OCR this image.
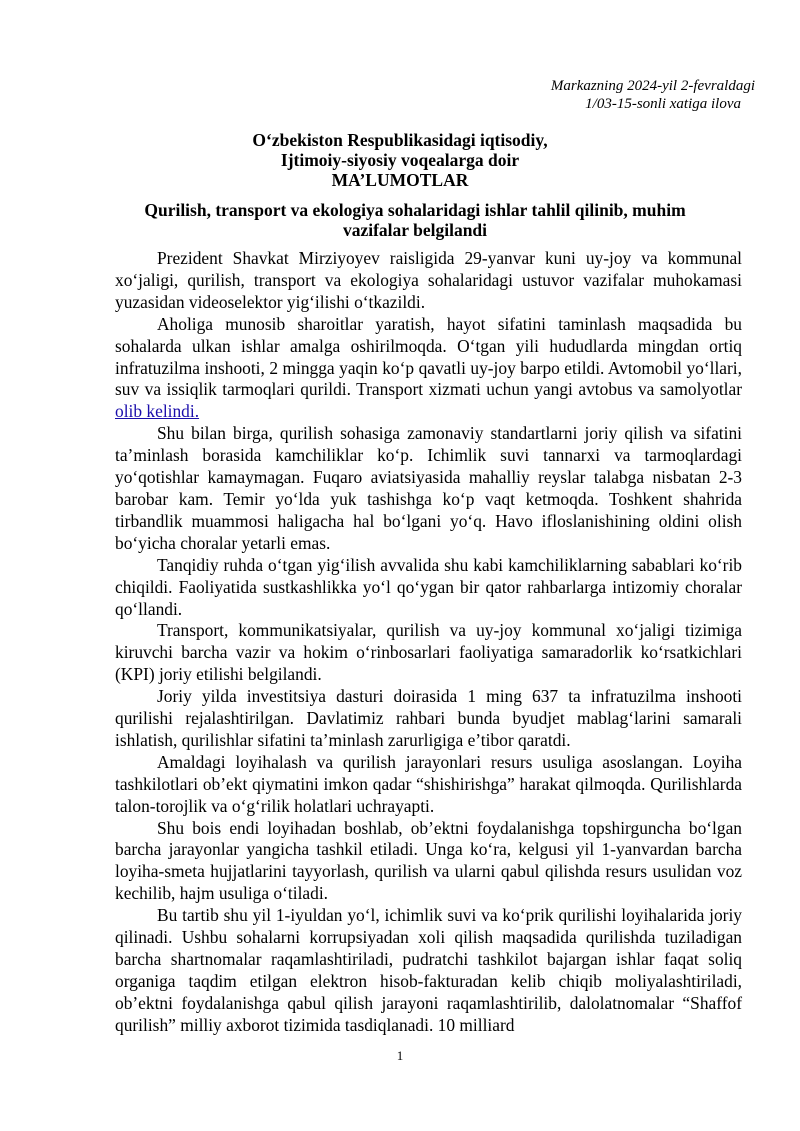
Markazning 2024-yil 2-fevraldagi
1/03-15-sonli xatiga ilova
O‘zbekiston Respublikasidagi iqtisodiy,
Ijtimoiy-siyosiy voqealarga doir
MA’LUMOTLAR
Qurilish, transport va ekologiya sohalaridagi ishlar tahlil qilinib, muhim
vazifalar belgilandi

Prezident Shavkat Mirziyoyev raisligida 29-yanvar kuni uy-joy va kommunal xo‘jaligi, qurilish, transport va ekologiya sohalaridagi ustuvor vazifalar muhokamasi yuzasidan videoselektor yig‘ilishi o‘tkazildi.

Aholiga munosib sharoitlar yaratish, hayot sifatini taminlash maqsadida bu sohalarda ulkan ishlar amalga oshirilmoqda. O‘tgan yili hududlarda mingdan ortiq infratuzilma inshooti, 2 mingga yaqin ko‘p qavatli uy-joy barpo etildi. Avtomobil yo‘llari, suv va issiqlik tarmoqlari qurildi. Transport xizmati uchun yangi avtobus va samolyotlar olib kelindi.

Shu bilan birga, qurilish sohasiga zamonaviy standartlarni joriy qilish va sifatini ta’minlash borasida kamchiliklar ko‘p. Ichimlik suvi tannarxi va tarmoqlardagi yo‘qotishlar kamaymagan. Fuqaro aviatsiyasida mahalliy reyslar talabga nisbatan 2-3 barobar kam. Temir yo‘lda yuk tashishga ko‘p vaqt ketmoqda. Toshkent shahrida tirbandlik muammosi haligacha hal bo‘lgani yo‘q. Havo ifloslanishining oldini olish bo‘yicha choralar yetarli emas.

Tanqidiy ruhda o‘tgan yig‘ilish avvalida shu kabi kamchiliklarning sabablari ko‘rib chiqildi. Faoliyatida sustkashlikka yo‘l qo‘ygan bir qator rahbarlarga intizomiy choralar qo‘llandi.

Transport, kommunikatsiyalar, qurilish va uy-joy kommunal xo‘jaligi tizimiga kiruvchi barcha vazir va hokim o‘rinbosarlari faoliyatiga samaradorlik ko‘rsatkichlari (KPI) joriy etilishi belgilandi.

Joriy yilda investitsiya dasturi doirasida 1 ming 637 ta infratuzilma inshooti qurilishi rejalashtirilgan. Davlatimiz rahbari bunda byudjet mablag‘larini samarali ishlatish, qurilishlar sifatini ta’minlash zarurligiga e’tibor qaratdi.

Amaldagi loyihalash va qurilish jarayonlari resurs usuliga asoslangan. Loyiha tashkilotlari ob’ekt qiymatini imkon qadar “shishirishga” harakat qilmoqda. Qurilishlarda talon-torojlik va o‘g‘rilik holatlari uchrayapti.

Shu bois endi loyihadan boshlab, ob’ektni foydalanishga topshirguncha bo‘lgan barcha jarayonlar yangicha tashkil etiladi. Unga ko‘ra, kelgusi yil 1-yanvardan barcha loyiha-smeta hujjatlarini tayyorlash, qurilish va ularni qabul qilishda resurs usulidan voz kechilib, hajm usuliga o‘tiladi.

Bu tartib shu yil 1-iyuldan yo‘l, ichimlik suvi va ko‘prik qurilishi loyihalarida joriy qilinadi. Ushbu sohalarni korrupsiyadan xoli qilish maqsadida qurilishda tuziladigan barcha shartnomalar raqamlashtiriladi, pudratchi tashkilot bajargan ishlar faqat soliq organiga taqdim etilgan elektron hisob-fakturadan kelib chiqib moliyalashtiriladi, ob’ektni foydalanishga qabul qilish jarayoni raqamlashtirilib, dalolatnomalar “Shaffof qurilish” milliy axborot tizimida tasdiqlanadi. 10 milliard

1
